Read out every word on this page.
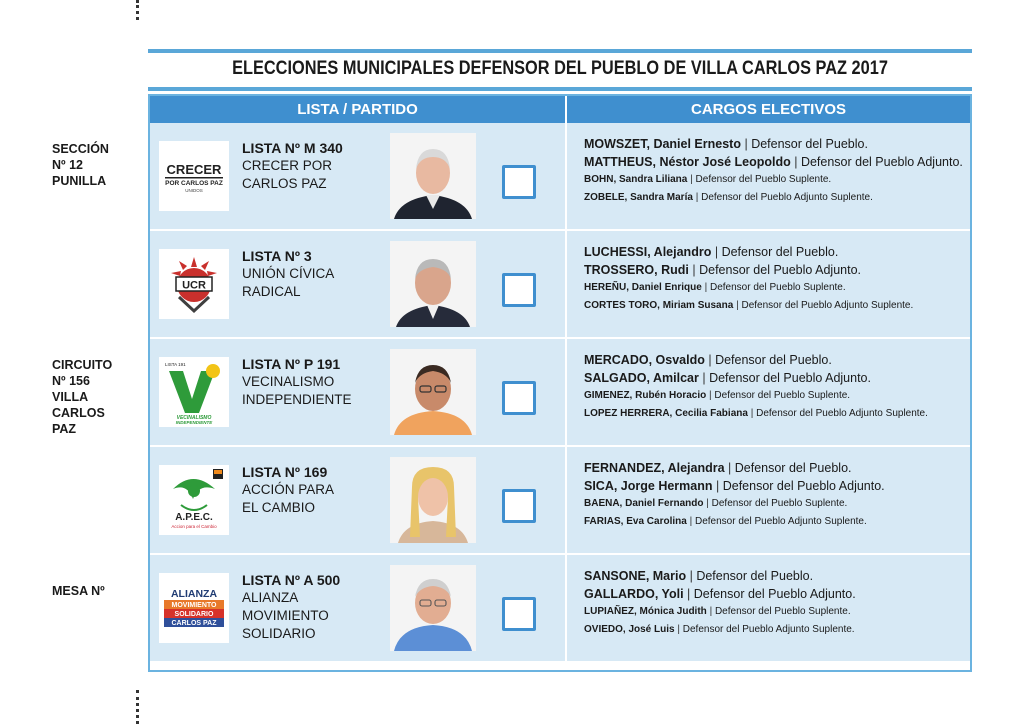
ELECCIONES MUNICIPALES DEFENSOR DEL PUEBLO DE VILLA CARLOS PAZ 2017
SECCIÓN
Nº 12
PUNILLA
CIRCUITO
Nº 156
VILLA
CARLOS
PAZ
MESA Nº
LISTA / PARTIDO	CARGOS ELECTIVOS
CRECER
POR CARLOS PAZ
UNIDOS
LISTA Nº M 340
CRECER POR
CARLOS PAZ
MOWSZET, Daniel Ernesto | Defensor del Pueblo.
MATTHEUS, Néstor José Leopoldo | Defensor del Pueblo Adjunto.
BOHN, Sandra Liliana | Defensor del Pueblo Suplente.
ZOBELE, Sandra María | Defensor del Pueblo Adjunto Suplente.
UCR
LISTA Nº 3
UNIÓN CÍVICA
RADICAL
LUCHESSI, Alejandro | Defensor del Pueblo.
TROSSERO, Rudi | Defensor del Pueblo Adjunto.
HEREÑU, Daniel Enrique | Defensor del Pueblo Suplente.
CORTES TORO, Miriam Susana | Defensor del Pueblo Adjunto Suplente.
LISTA 191
VECINALISMO
INDEPENDIENTE
LISTA Nº P 191
VECINALISMO
INDEPENDIENTE
MERCADO, Osvaldo | Defensor del Pueblo.
SALGADO, Amilcar | Defensor del Pueblo Adjunto.
GIMENEZ, Rubén Horacio | Defensor del Pueblo Suplente.
LOPEZ HERRERA, Cecilia Fabiana | Defensor del Pueblo Adjunto Suplente.
A.P.E.C.
Accion para el Cambio
LISTA Nº 169
ACCIÓN PARA
EL CAMBIO
FERNANDEZ, Alejandra | Defensor del Pueblo.
SICA, Jorge Hermann | Defensor del Pueblo Adjunto.
BAENA, Daniel Fernando | Defensor del Pueblo Suplente.
FARIAS, Eva Carolina | Defensor del Pueblo Adjunto Suplente.
ALIANZA
MOVIMIENTO
SOLIDARIO
CARLOS PAZ
LISTA Nº A 500
ALIANZA
MOVIMIENTO
SOLIDARIO
SANSONE, Mario | Defensor del Pueblo.
GALLARDO, Yoli | Defensor del Pueblo Adjunto.
LUPIAÑEZ, Mónica Judith | Defensor del Pueblo Suplente.
OVIEDO, José Luis | Defensor del Pueblo Adjunto Suplente.
